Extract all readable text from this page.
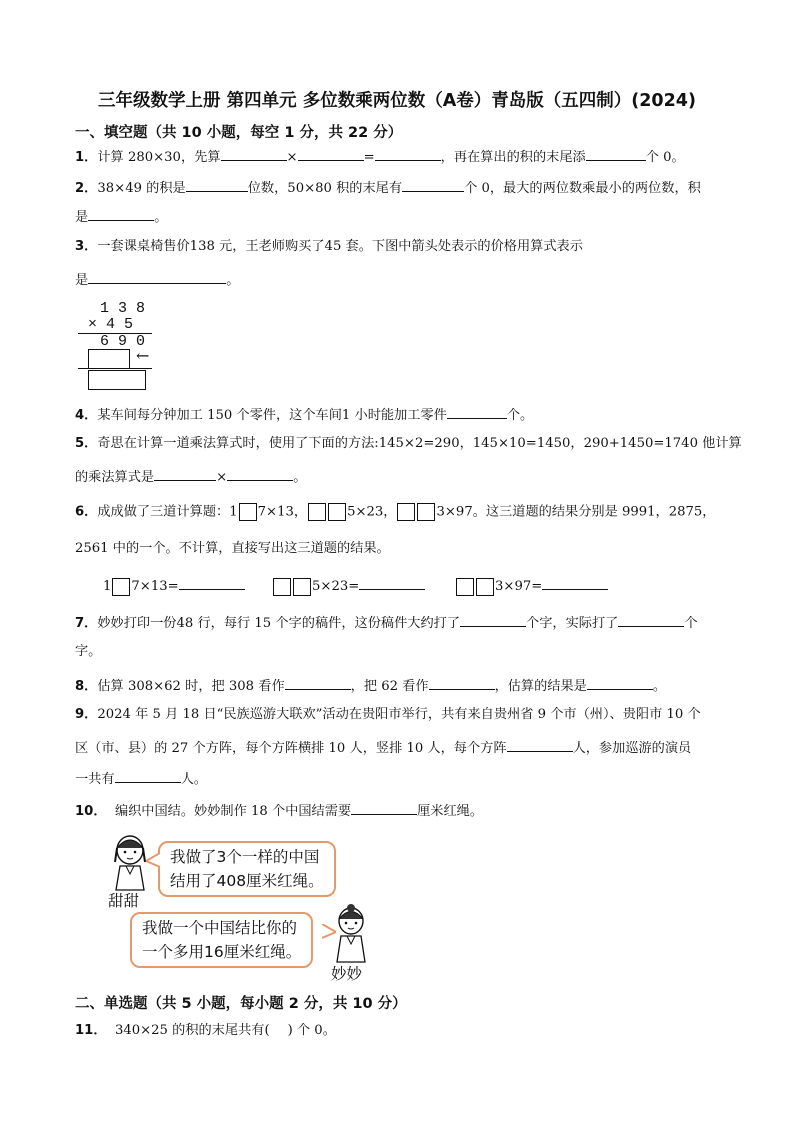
三年级数学上册 第四单元 多位数乘两位数（A卷）青岛版（五四制）(2024)
一、填空题（共 10 小题，每空 1 分，共 22 分）
1．计算 280×30，先算	×	=	，再在算出的积的末尾添	个 0。
2．38×49 的积是	位数，50×80 积的末尾有	个 0，最大的两位数乘最小的两位数，积
是	。
3．一套课桌椅售价138 元，王老师购买了45 套。下图中箭头处表示的价格用算式表示
是	。
1 3 8
× 4 5
6 9 0
←
4．某车间每分钟加工 150 个零件，这个车间1 小时能加工零件	个。
5．奇思在计算一道乘法算式时，使用了下面的方法:145×2=290，145×10=1450，290+1450=1740 他计算
的乘法算式是	×	。
6．成成做了三道计算题：1 7×13，	5×23，	3×97。这三道题的结果分别是 9991，2875，
2561 中的一个。不计算，直接写出这三道题的结果。
1 7×13=	5×23=	3×97=
7．妙妙打印一份48 行，每行 15 个字的稿件，这份稿件大约打了	个字，实际打了	个
字。
8．估算 308×62 时，把 308 看作	，把 62 看作	，估算的结果是	。
9．2024 年 5 月 18 日“民族巡游大联欢”活动在贵阳市举行，共有来自贵州省 9 个市（州）、贵阳市 10 个
区（市、县）的 27 个方阵，每个方阵横排 10 人，竖排 10 人，每个方阵	人，参加巡游的演员
一共有	人。
10． 编织中国结。妙妙制作 18 个中国结需要	厘米红绳。
甜甜
我做了3个一样的中国
结用了408厘米红绳。
我做一个中国结比你的
一个多用16厘米红绳。
妙妙
二、单选题（共 5 小题，每小题 2 分，共 10 分）
11． 340×25 的积的末尾共有( ) 个 0。
